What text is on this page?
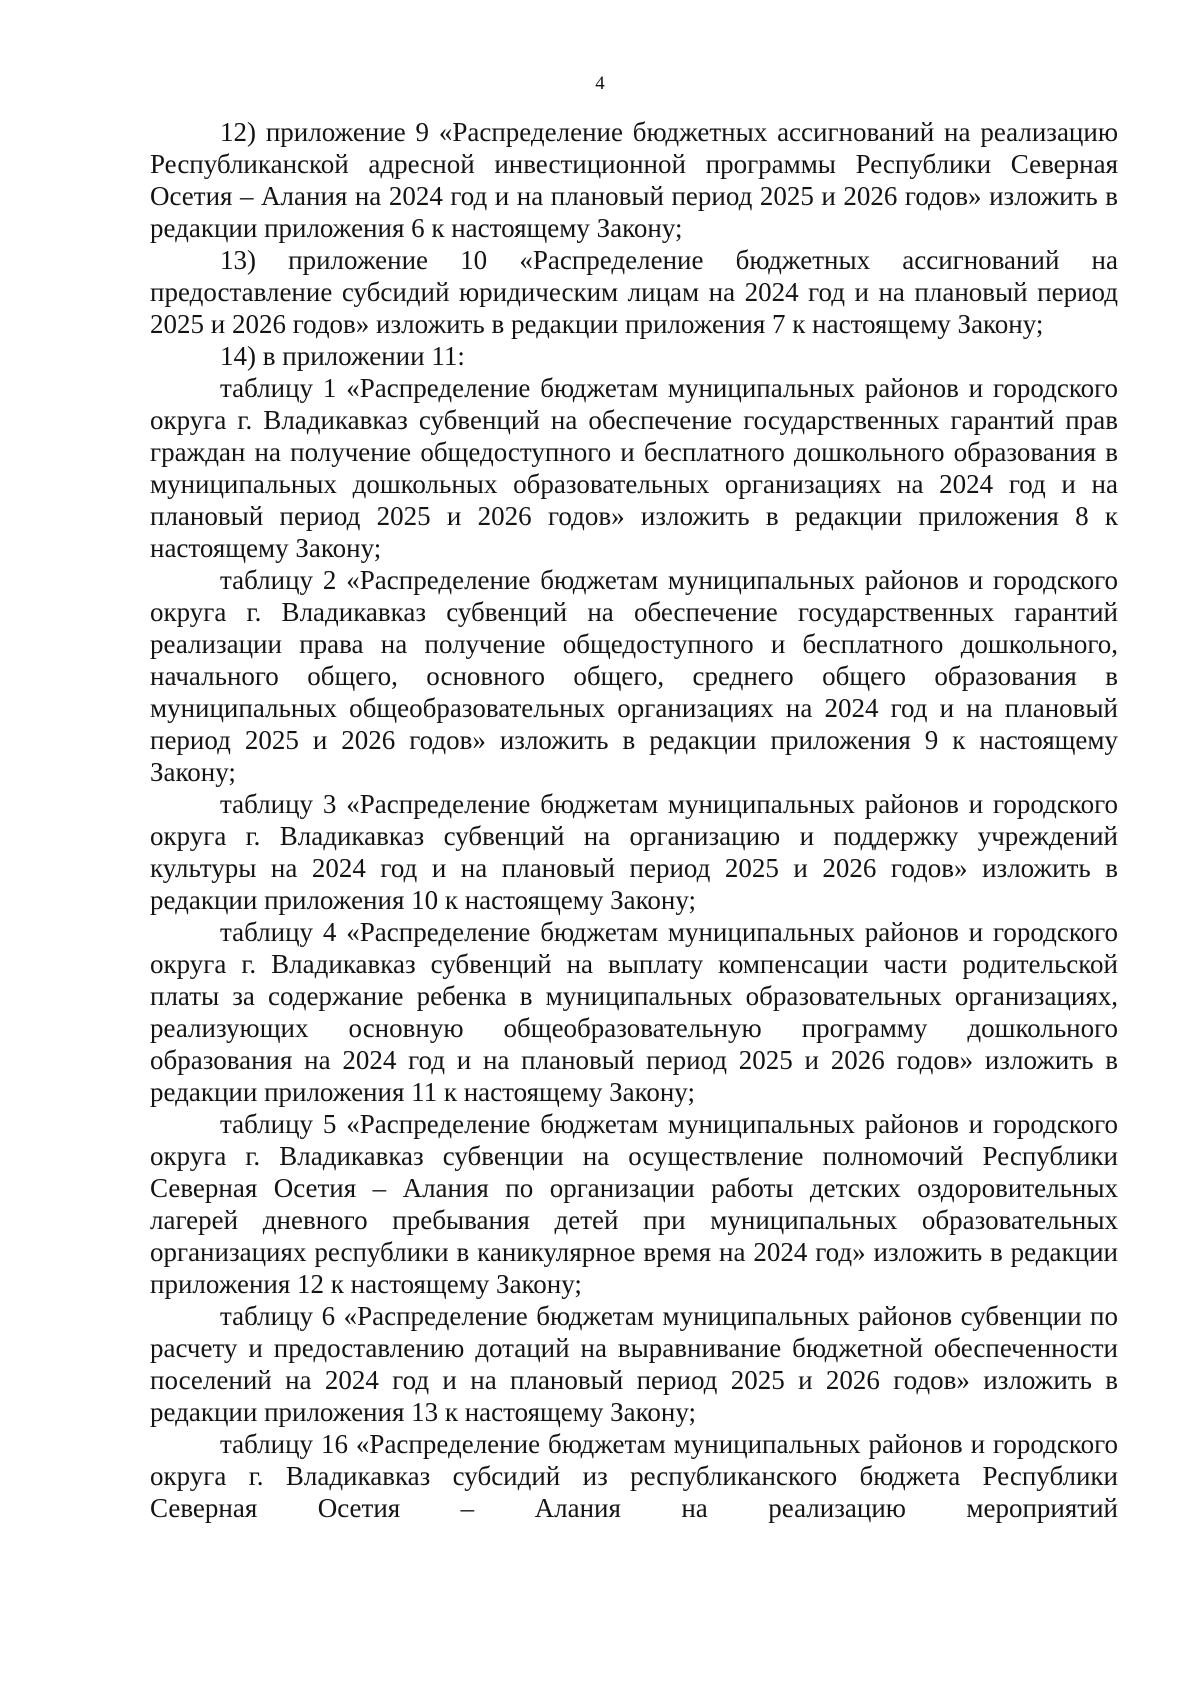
4

12) приложение 9 «Распределение бюджетных ассигнований на реализацию Республиканской адресной инвестиционной программы Республики Северная Осетия – Алания на 2024 год и на плановый период 2025 и 2026 годов» изложить в редакции приложения 6 к настоящему Закону;

13) приложение 10 «Распределение бюджетных ассигнований на предоставление субсидий юридическим лицам на 2024 год и на плановый период 2025 и 2026 годов» изложить в редакции приложения 7 к настоящему Закону;

14) в приложении 11:

таблицу 1 «Распределение бюджетам муниципальных районов и городского округа г. Владикавказ субвенций на обеспечение государственных гарантий прав граждан на получение общедоступного и бесплатного дошкольного образования в муниципальных дошкольных образовательных организациях на 2024 год и на плановый период 2025 и 2026 годов» изложить в редакции приложения 8 к настоящему Закону;

таблицу 2 «Распределение бюджетам муниципальных районов и городского округа г. Владикавказ субвенций на обеспечение государственных гарантий реализации права на получение общедоступного и бесплатного дошкольного, начального общего, основного общего, среднего общего образования в муниципальных общеобразовательных организациях на 2024 год и на плановый период 2025 и 2026 годов» изложить в редакции приложения 9 к настоящему Закону;

таблицу 3 «Распределение бюджетам муниципальных районов и городского округа г. Владикавказ субвенций на организацию и поддержку учреждений культуры на 2024 год и на плановый период 2025 и 2026 годов» изложить в редакции приложения 10 к настоящему Закону;

таблицу 4 «Распределение бюджетам муниципальных районов и городского округа г. Владикавказ субвенций на выплату компенсации части родительской платы за содержание ребенка в муниципальных образовательных организациях, реализующих основную общеобразовательную программу дошкольного образования на 2024 год и на плановый период 2025 и 2026 годов» изложить в редакции приложения 11 к настоящему Закону;

таблицу 5 «Распределение бюджетам муниципальных районов и городского округа г. Владикавказ субвенции на осуществление полномочий Республики Северная Осетия – Алания по организации работы детских оздоровительных лагерей дневного пребывания детей при муниципальных образовательных организациях республики в каникулярное время на 2024 год» изложить в редакции приложения 12 к настоящему Закону;

таблицу 6 «Распределение бюджетам муниципальных районов субвенции по расчету и предоставлению дотаций на выравнивание бюджетной обеспеченности поселений на 2024 год и на плановый период 2025 и 2026 годов» изложить в редакции приложения 13 к настоящему Закону;

таблицу 16 «Распределение бюджетам муниципальных районов и городского округа г. Владикавказ субсидий из республиканского бюджета Республики Северная Осетия – Алания на реализацию мероприятий
